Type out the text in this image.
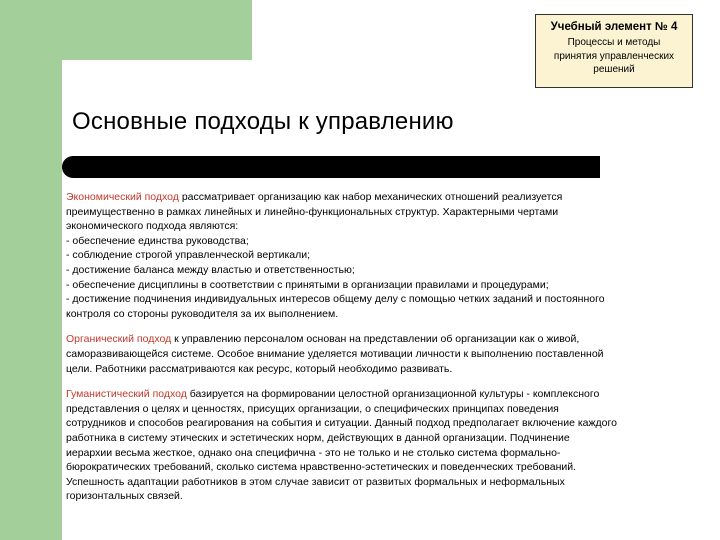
Учебный элемент № 4
Процессы и методы
принятия управленческих
решений
Основные подходы к управлению
Экономический подход рассматривает организацию как набор механических отношений реализуется
преимущественно в рамках линейных и линейно-функциональных структур. Характерными чертами
экономического подхода являются:
- обеспечение единства руководства;
- соблюдение строгой управленческой вертикали;
- достижение баланса между властью и ответственностью;
- обеспечение дисциплины в соответствии с принятыми в организации правилами и процедурами;
- достижение подчинения индивидуальных интересов общему делу с помощью четких заданий и постоянного
контроля со стороны руководителя за их выполнением.
Органический подход к управлению персоналом основан на представлении об организации как о живой,
саморазвивающейся системе. Особое внимание уделяется мотивации личности к выполнению поставленной
цели. Работники рассматриваются как ресурс, который необходимо развивать.
Гуманистический подход базируется на формировании целостной организационной культуры - комплексного
представления о целях и ценностях, присущих организации, о специфических принципах поведения
сотрудников и способов реагирования на события и ситуации. Данный подход предполагает включение каждого
работника в систему этических и эстетических норм, действующих в данной организации. Подчинение
иерархии весьма жесткое, однако она специфична - это не только и не столько система формально-
бюрократических требований, сколько система нравственно-эстетических и поведенческих требований.
Успешность адаптации работников в этом случае зависит от развитых формальных и неформальных
горизонтальных связей.
